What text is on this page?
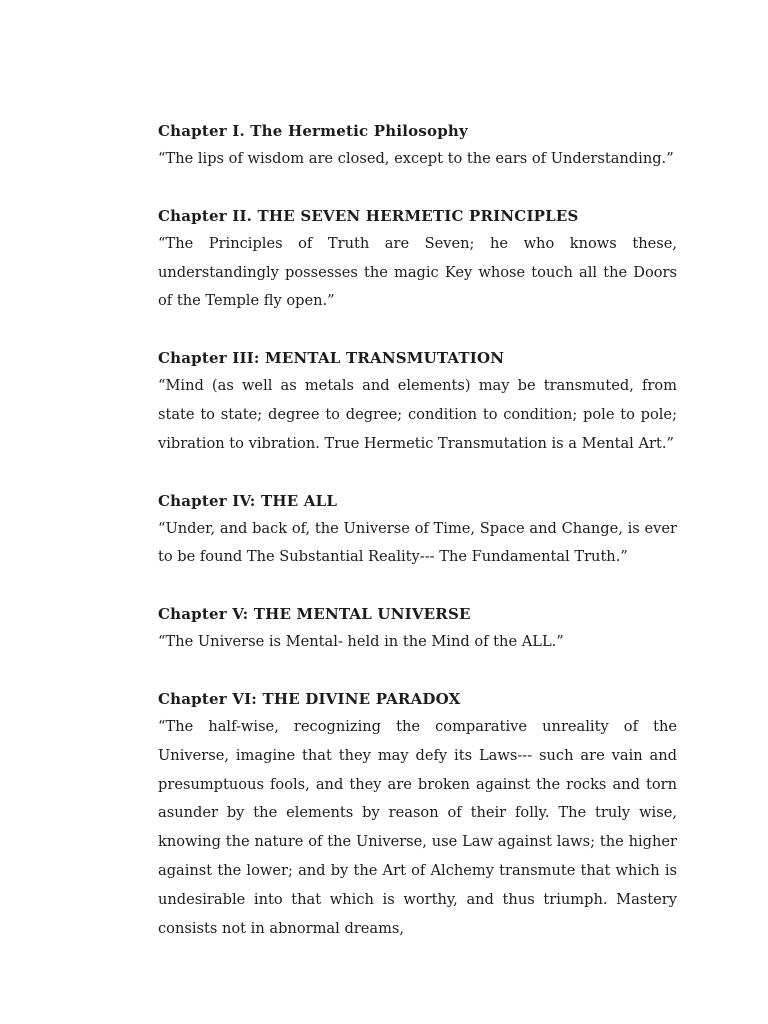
Chapter I. The Hermetic Philosophy
“The lips of wisdom are closed, except to the ears of Understanding.”
Chapter II. THE SEVEN HERMETIC PRINCIPLES
“The Principles of Truth are Seven; he who knows these, understandingly possesses the magic Key whose touch all the Doors of the Temple fly open.”
Chapter III: MENTAL TRANSMUTATION
“Mind (as well as metals and elements) may be transmuted, from state to state; degree to degree; condition to condition; pole to pole; vibration to vibration. True Hermetic Transmutation is a Mental Art.”
Chapter IV: THE ALL
“Under, and back of, the Universe of Time, Space and Change, is ever to be found The Substantial Reality--- The Fundamental Truth.”
Chapter V: THE MENTAL UNIVERSE
“The Universe is Mental- held in the Mind of the ALL.”
Chapter VI: THE DIVINE PARADOX
“The half-wise, recognizing the comparative unreality of the Universe, imagine that they may defy its Laws--- such are vain and presumptuous fools, and they are broken against the rocks and torn asunder by the elements by reason of their folly. The truly wise, knowing the nature of the Universe, use Law against laws; the higher against the lower; and by the Art of Alchemy transmute that which is undesirable into that which is worthy, and thus triumph. Mastery consists not in abnormal dreams,
